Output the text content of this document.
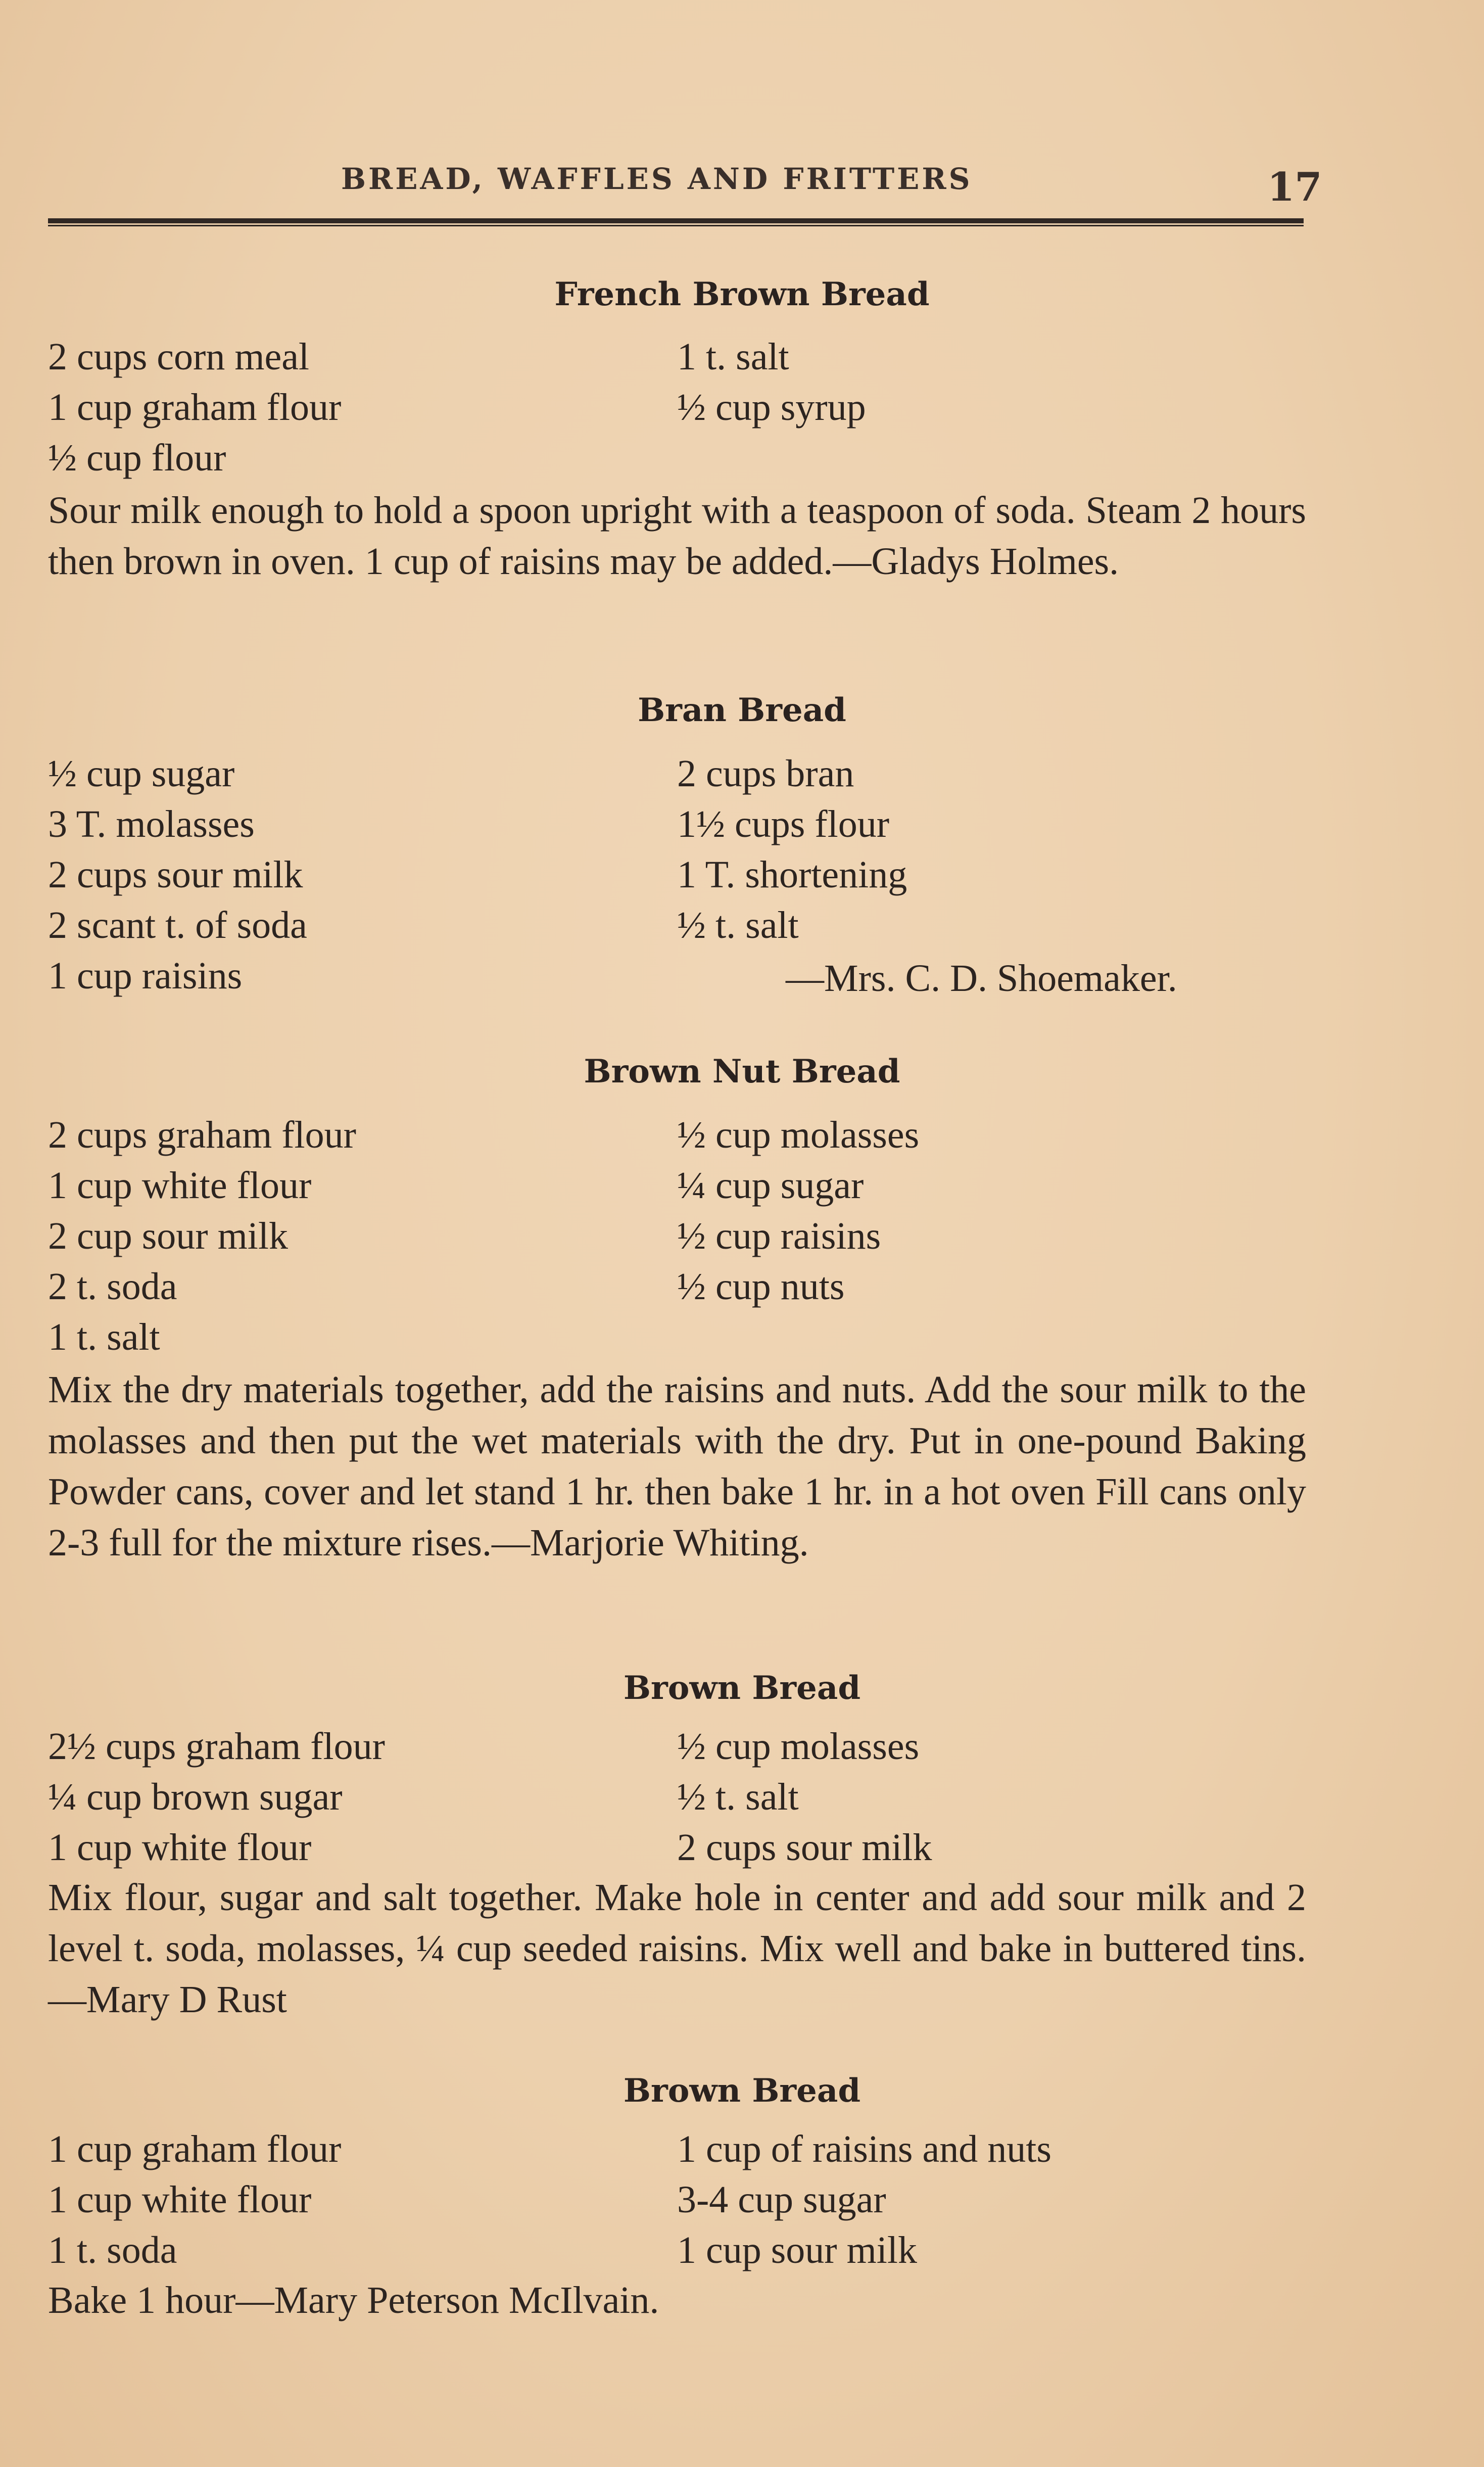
BREAD, WAFFLES AND FRITTERS	17
French Brown Bread
2 cups corn meal
1 cup graham flour
½ cup flour
1 t. salt
½ cup syrup
Sour milk enough to hold a spoon upright with a teaspoon of soda. Steam 2 hours then brown in oven. 1 cup of raisins may be added.—Gladys Holmes.
Bran Bread
½ cup sugar
3 T. molasses
2 cups sour milk
2 scant t. of soda
1 cup raisins
2 cups bran
1½ cups flour
1 T. shortening
½ t. salt
—Mrs. C. D. Shoemaker.
Brown Nut Bread
2 cups graham flour
1 cup white flour
2 cup sour milk
2 t. soda
1 t. salt
½ cup molasses
¼ cup sugar
½ cup raisins
½ cup nuts
Mix the dry materials together, add the raisins and nuts. Add the sour milk to the molasses and then put the wet materials with the dry. Put in one-pound Baking Powder cans, cover and let stand 1 hr. then bake 1 hr. in a hot oven Fill cans only 2-3 full for the mixture rises.—Marjorie Whiting.
Brown Bread
2½ cups graham flour
¼ cup brown sugar
1 cup white flour
½ cup molasses
½ t. salt
2 cups sour milk
Mix flour, sugar and salt together. Make hole in center and add sour milk and 2 level t. soda, molasses, ¼ cup seeded raisins. Mix well and bake in buttered tins.—Mary D Rust
Brown Bread
1 cup graham flour
1 cup white flour
1 t. soda
1 cup of raisins and nuts
3-4 cup sugar
1 cup sour milk
Bake 1 hour—Mary Peterson McIlvain.
